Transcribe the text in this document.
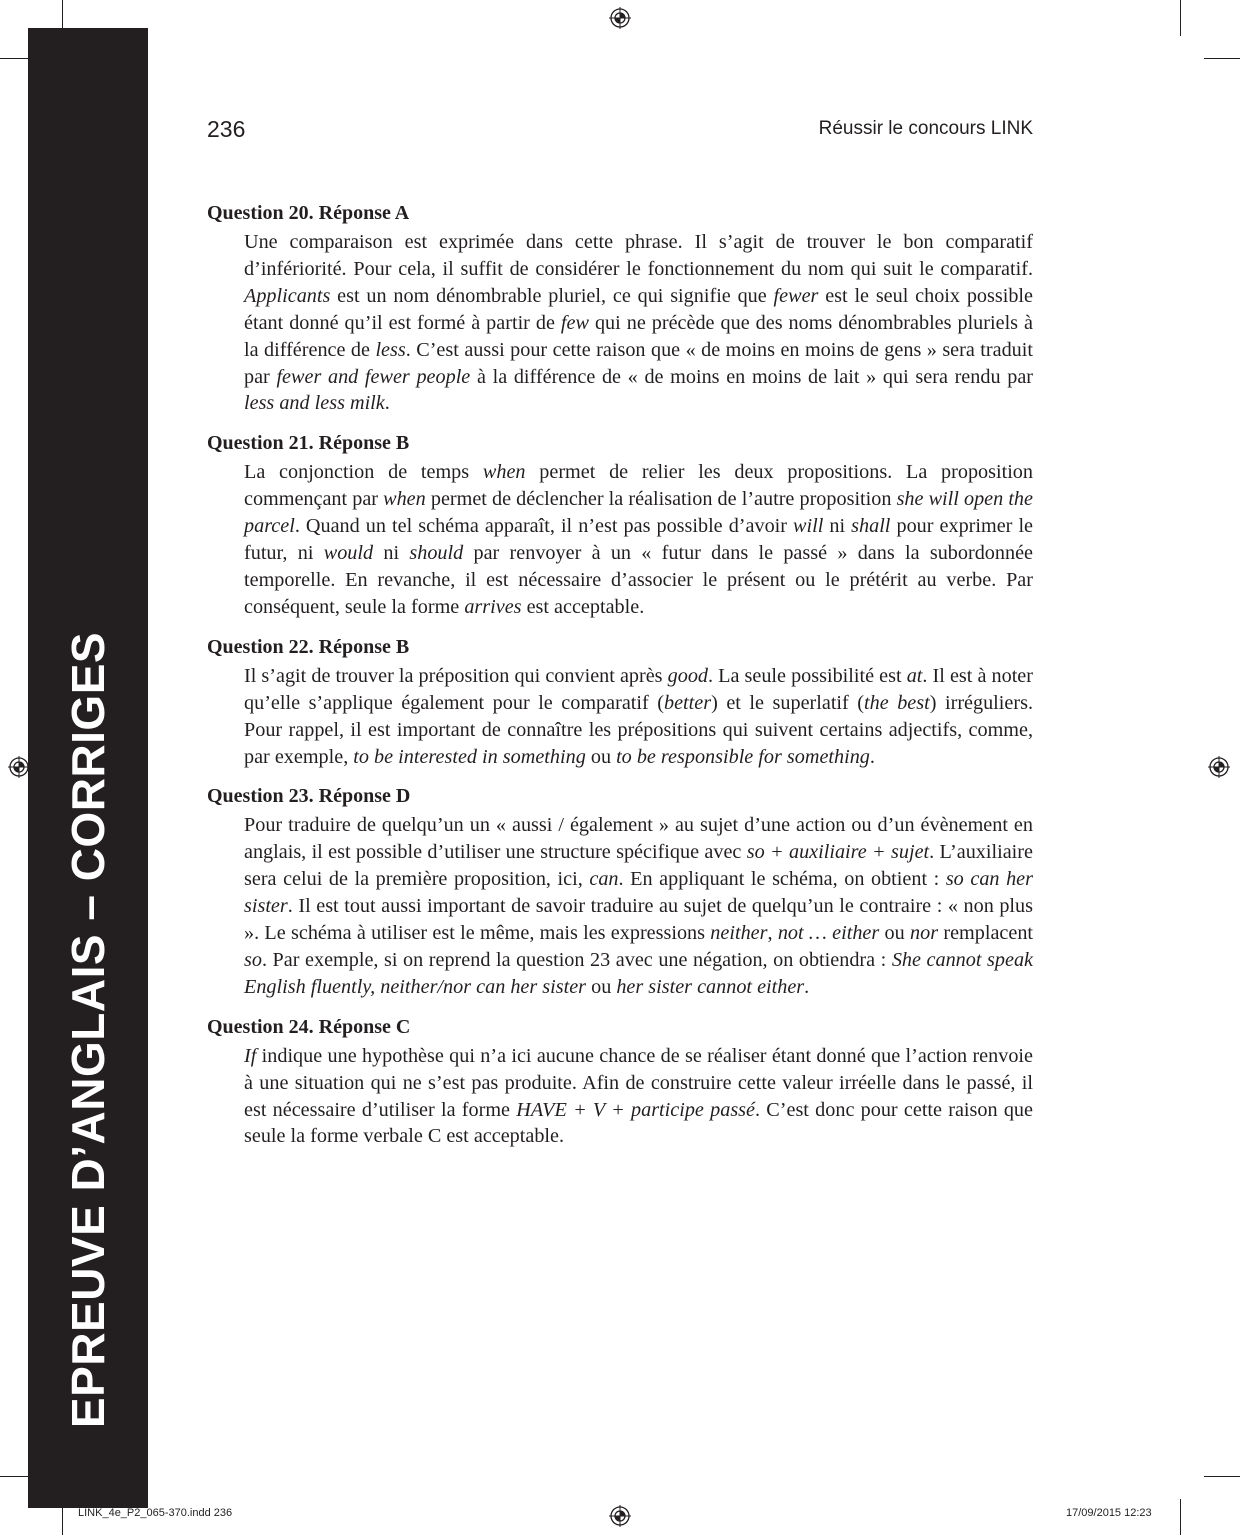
EPREUVE D’ANGLAIS – CORRIGES
236	Réussir le concours LINK
Question 20. Réponse A

Une comparaison est exprimée dans cette phrase. Il s’agit de trouver le bon comparatif d’infériorité. Pour cela, il suffit de considérer le fonctionnement du nom qui suit le comparatif. Applicants est un nom dénombrable pluriel, ce qui signifie que fewer est le seul choix possible étant donné qu’il est formé à partir de few qui ne précède que des noms dénombrables pluriels à la différence de less. C’est aussi pour cette raison que « de moins en moins de gens » sera traduit par fewer and fewer people à la différence de « de moins en moins de lait » qui sera rendu par less and less milk.

Question 21. Réponse B

La conjonction de temps when permet de relier les deux propositions. La proposition commençant par when permet de déclencher la réalisation de l’autre proposition she will open the parcel. Quand un tel schéma apparaît, il n’est pas possible d’avoir will ni shall pour exprimer le futur, ni would ni should par renvoyer à un « futur dans le passé » dans la subordonnée temporelle. En revanche, il est nécessaire d’associer le présent ou le prétérit au verbe. Par conséquent, seule la forme arrives est acceptable.

Question 22. Réponse B

Il s’agit de trouver la préposition qui convient après good. La seule possibilité est at. Il est à noter qu’elle s’applique également pour le comparatif (better) et le superlatif (the best) irréguliers. Pour rappel, il est important de connaître les prépositions qui suivent certains adjectifs, comme, par exemple, to be interested in something ou to be responsible for something.

Question 23. Réponse D

Pour traduire de quelqu’un un « aussi / également » au sujet d’une action ou d’un évènement en anglais, il est possible d’utiliser une structure spécifique avec so + auxiliaire + sujet. L’auxiliaire sera celui de la première proposition, ici, can. En appliquant le schéma, on obtient : so can her sister. Il est tout aussi important de savoir traduire au sujet de quelqu’un le contraire : « non plus ». Le schéma à utiliser est le même, mais les expressions neither, not … either ou nor remplacent so. Par exemple, si on reprend la question 23 avec une négation, on obtiendra : She cannot speak English fluently, neither/nor can her sister ou her sister cannot either.

Question 24. Réponse C

If indique une hypothèse qui n’a ici aucune chance de se réaliser étant donné que l’action renvoie à une situation qui ne s’est pas produite. Afin de construire cette valeur irréelle dans le passé, il est nécessaire d’utiliser la forme HAVE + V + participe passé. C’est donc pour cette raison que seule la forme verbale C est acceptable.

LINK_4e_P2_065-370.indd 236	17/09/2015 12:23
